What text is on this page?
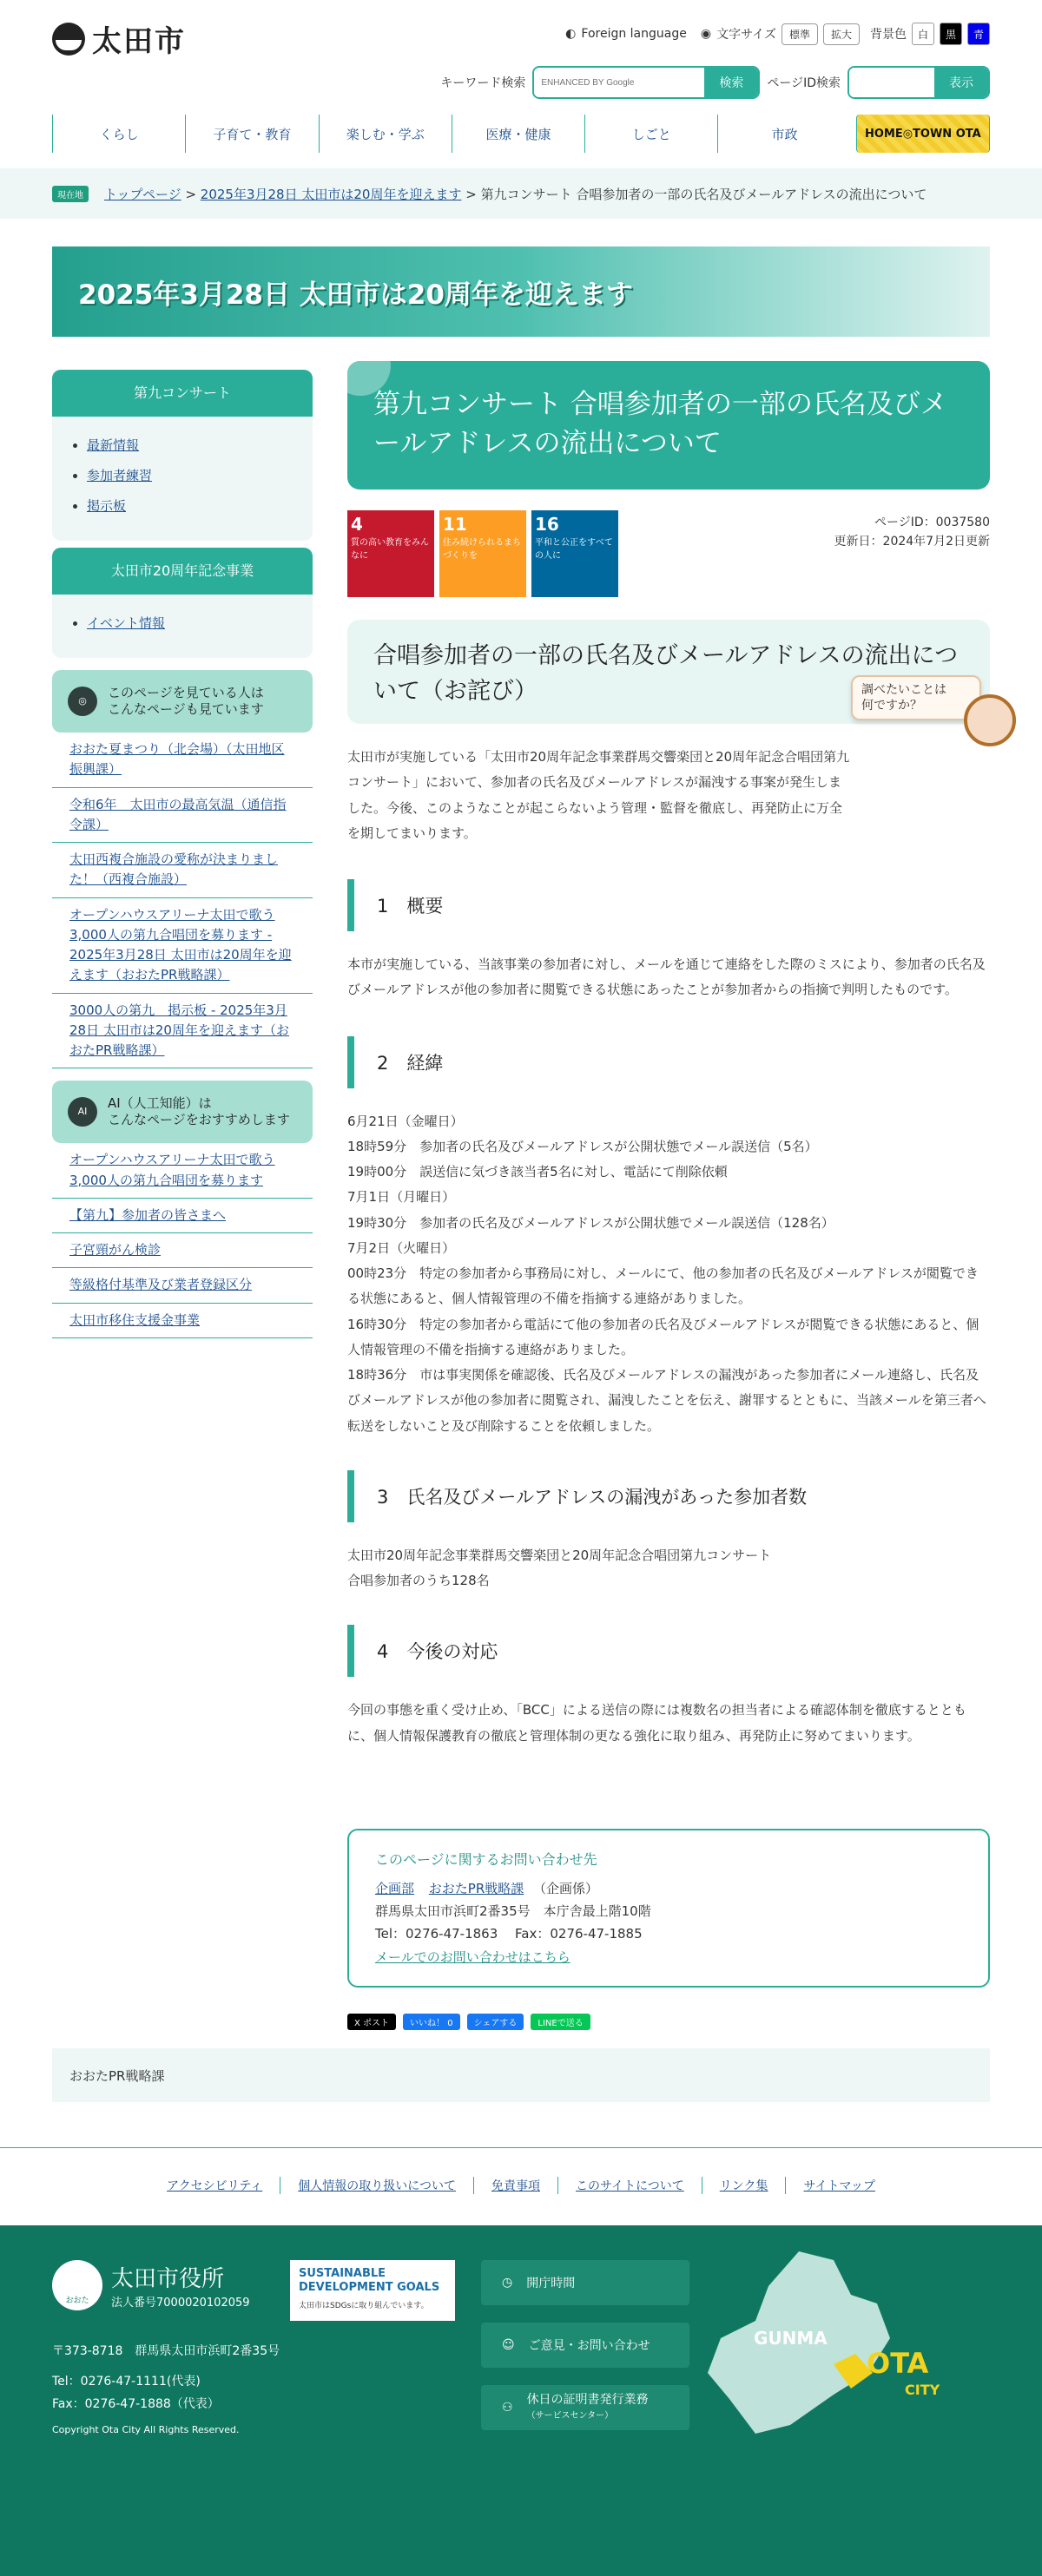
太田市	◐ Foreign language ◉ 文字サイズ	標準	拡大	背景色	白	黒	青
キーワード検索
ENHANCED BY Google	検索	ページID検索	表示
くらし	子育て・教育	楽しむ・学ぶ	医療・健康	しごと	市政	HOME◎TOWN OTA
現在地	トップページ > 2025年3月28日 太田市は20周年を迎えます > 第九コンサート 合唱参加者の一部の氏名及びメールアドレスの流出について
2025年3月28日 太田市は20周年を迎えます
第九コンサート
• 最新情報
• 参加者練習
• 掲示板
太田市20周年記念事業
• イベント情報
◎
このページを見ている人は
こんなページも見ています
おおた夏まつり（北会場）（太田地区振興課）
令和6年　太田市の最高気温（通信指令課）
太田西複合施設の愛称が決まりました！（西複合施設）
オープンハウスアリーナ太田で歌う3,000人の第九合唱団を募ります - 2025年3月28日 太田市は20周年を迎えます（おおたPR戦略課）
3000人の第九　掲示板 - 2025年3月28日 太田市は20周年を迎えます（おおたPR戦略課）
AI
AI（人工知能）は
こんなページをおすすめします
オープンハウスアリーナ太田で歌う3,000人の第九合唱団を募ります
【第九】参加者の皆さまへ
子宮頸がん検診
等級格付基準及び業者登録区分
太田市移住支援金事業
第九コンサート 合唱参加者の一部の氏名及びメールアドレスの流出について
4
質の高い教育をみんなに
11
住み続けられるまちづくりを
16
平和と公正をすべての人に
ページID：0037580
更新日：2024年7月2日更新
合唱参加者の一部の氏名及びメールアドレスの流出について（お詫び）

太田市が実施している「太田市20周年記念事業群馬交響楽団と20周年記念合唱団第九コンサート」において、参加者の氏名及びメールアドレスが漏洩する事案が発生しました。今後、このようなことが起こらないよう管理・監督を徹底し、再発防止に万全を期してまいります。

1　概要

本市が実施している、当該事業の参加者に対し、メールを通じて連絡をした際のミスにより、参加者の氏名及びメールアドレスが他の参加者に閲覧できる状態にあったことが参加者からの指摘で判明したものです。

2　経緯
6月21日（金曜日）
18時59分　参加者の氏名及びメールアドレスが公開状態でメール誤送信（5名）
19時00分　誤送信に気づき該当者5名に対し、電話にて削除依頼
7月1日（月曜日）
19時30分　参加者の氏名及びメールアドレスが公開状態でメール誤送信（128名）
7月2日（火曜日）
00時23分　特定の参加者から事務局に対し、メールにて、他の参加者の氏名及びメールアドレスが閲覧できる状態にあると、個人情報管理の不備を指摘する連絡がありました。
16時30分　特定の参加者から電話にて他の参加者の氏名及びメールアドレスが閲覧できる状態にあると、個人情報管理の不備を指摘する連絡がありました。
18時36分　市は事実関係を確認後、氏名及びメールアドレスの漏洩があった参加者にメール連絡し、氏名及びメールアドレスが他の参加者に閲覧され、漏洩したことを伝え、謝罪するとともに、当該メールを第三者へ転送をしないこと及び削除することを依頼しました。
3　氏名及びメールアドレスの漏洩があった参加者数
太田市20周年記念事業群馬交響楽団と20周年記念合唱団第九コンサート
合唱参加者のうち128名
4　今後の対応

今回の事態を重く受け止め、「BCC」による送信の際には複数名の担当者による確認体制を徹底するとともに、個人情報保護教育の徹底と管理体制の更なる強化に取り組み、再発防止に努めてまいります。

このページに関するお問い合わせ先
企画部 おおたPR戦略課 （企画係）
群馬県太田市浜町2番35号　本庁舎最上階10階
Tel：0276-47-1863　 Fax：0276-47-1885
メールでのお問い合わせはこちら
X ポスト	いいね！ 0	シェアする	LINEで送る
調べたいことは
何ですか？
おおたPR戦略課
アクセシビリティ	個人情報の取り扱いについて	免責事項	このサイトについて	リンク集	サイトマップ
おおた
太田市役所
法人番号7000020102059
〒373-8718　群馬県太田市浜町2番35号
Tel：0276-47-1111(代表)
Fax：0276-47-1888（代表）
Copyright Ota City All Rights Reserved.
SUSTAINABLE DEVELOPMENT GOALS
太田市はSDGsに取り組んでいます。
◷ 開庁時間
☺ ご意見・お問い合わせ
⚇
休日の証明書発行業務
（サービスセンター）
GUNMA
OTA
CITY
